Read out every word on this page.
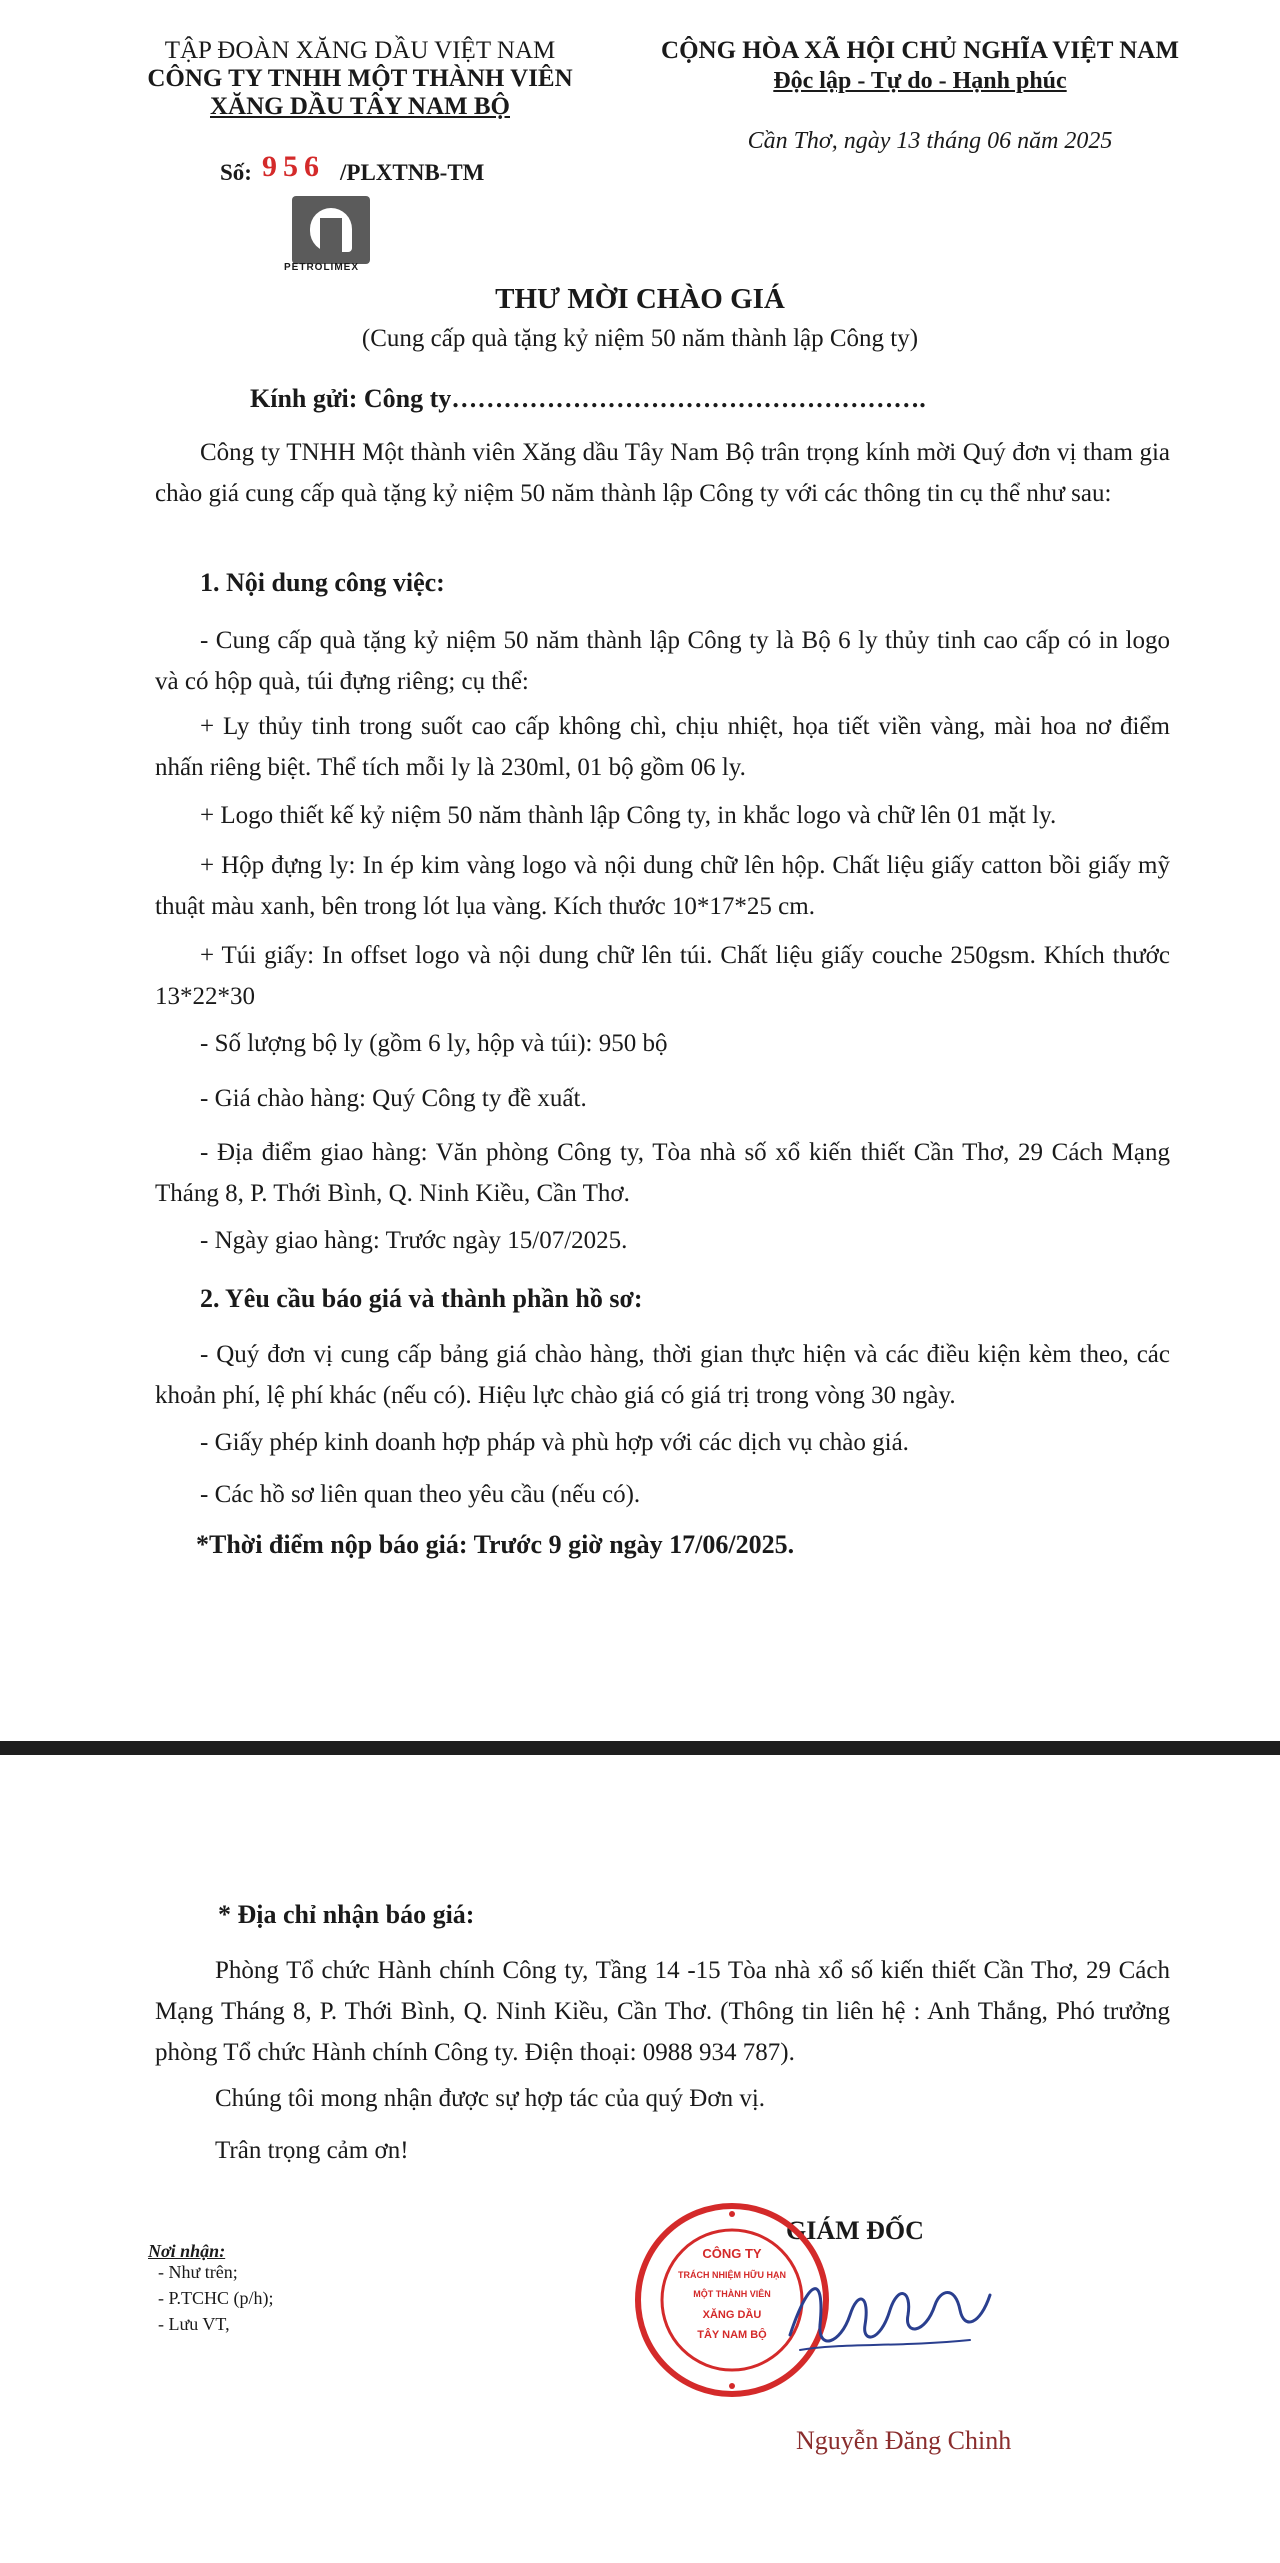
TẬP ĐOÀN XĂNG DẦU VIỆT NAM
CÔNG TY TNHH MỘT THÀNH VIÊN
XĂNG DẦU TÂY NAM BỘ
Số: 956 /PLXTNB-TM
PETROLIMEX
CỘNG HÒA XÃ HỘI CHỦ NGHĨA VIỆT NAM
Độc lập - Tự do - Hạnh phúc
Cần Thơ, ngày 13 tháng 06 năm 2025
THƯ MỜI CHÀO GIÁ
(Cung cấp quà tặng kỷ niệm 50 năm thành lập Công ty)
Kính gửi: Công ty……………………………………………….
Công ty TNHH Một thành viên Xăng dầu Tây Nam Bộ trân trọng kính mời Quý đơn vị tham gia chào giá cung cấp quà tặng kỷ niệm 50 năm thành lập Công ty với các thông tin cụ thể như sau:
1. Nội dung công việc:
- Cung cấp quà tặng kỷ niệm 50 năm thành lập Công ty là Bộ 6 ly thủy tinh cao cấp có in logo và có hộp quà, túi đựng riêng; cụ thể:
+ Ly thủy tinh trong suốt cao cấp không chì, chịu nhiệt, họa tiết viền vàng, mài hoa nơ điểm nhấn riêng biệt. Thể tích mỗi ly là 230ml, 01 bộ gồm 06 ly.
+ Logo thiết kế kỷ niệm 50 năm thành lập Công ty, in khắc logo và chữ lên 01 mặt ly.
+ Hộp đựng ly: In ép kim vàng logo và nội dung chữ lên hộp. Chất liệu giấy catton bồi giấy mỹ thuật màu xanh, bên trong lót lụa vàng. Kích thước 10*17*25 cm.
+ Túi giấy: In offset logo và nội dung chữ lên túi. Chất liệu giấy couche 250gsm. Khích thước 13*22*30
- Số lượng bộ ly (gồm 6 ly, hộp và túi): 950 bộ
- Giá chào hàng: Quý Công ty đề xuất.
- Địa điểm giao hàng: Văn phòng Công ty, Tòa nhà số xổ kiến thiết Cần Thơ, 29 Cách Mạng Tháng 8, P. Thới Bình, Q. Ninh Kiều, Cần Thơ.
- Ngày giao hàng: Trước ngày 15/07/2025.
2. Yêu cầu báo giá và thành phần hồ sơ:
- Quý đơn vị cung cấp bảng giá chào hàng, thời gian thực hiện và các điều kiện kèm theo, các khoản phí, lệ phí khác (nếu có). Hiệu lực chào giá có giá trị trong vòng 30 ngày.
- Giấy phép kinh doanh hợp pháp và phù hợp với các dịch vụ chào giá.
- Các hồ sơ liên quan theo yêu cầu (nếu có).
*Thời điểm nộp báo giá: Trước 9 giờ ngày 17/06/2025.
* Địa chỉ nhận báo giá:
Phòng Tổ chức Hành chính Công ty, Tầng 14 -15 Tòa nhà xổ số kiến thiết Cần Thơ, 29 Cách Mạng Tháng 8, P. Thới Bình, Q. Ninh Kiều, Cần Thơ. (Thông tin liên hệ : Anh Thắng, Phó trưởng phòng Tổ chức Hành chính Công ty. Điện thoại: 0988 934 787).
Chúng tôi mong nhận được sự hợp tác của quý Đơn vị.
Trân trọng cảm ơn!
Nơi nhận:
- Như trên;
- P.TCHC (p/h);
- Lưu VT,
GIÁM ĐỐC
CÔNG TY
TRÁCH NHIỆM HỮU HẠN
MỘT THÀNH VIÊN
XĂNG DẦU
TÂY NAM BỘ
Nguyễn Đăng Chinh
